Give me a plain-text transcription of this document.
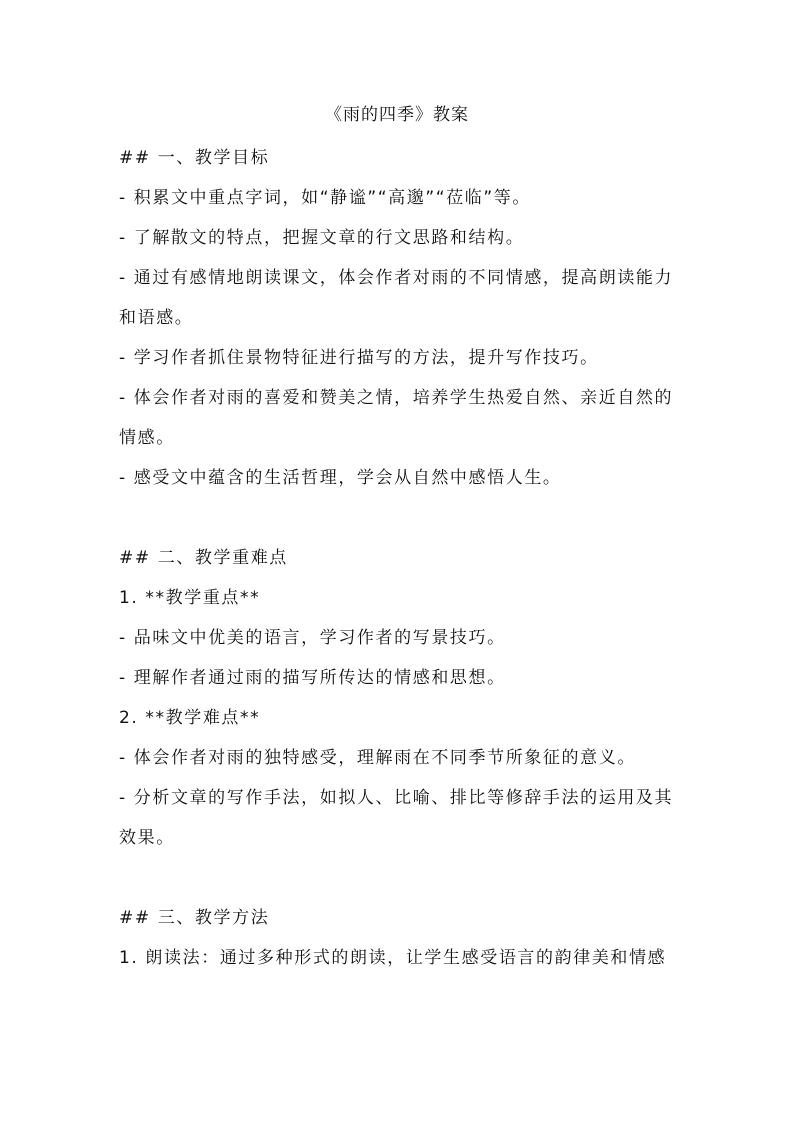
《雨的四季》教案
## 一、教学目标
- 积累文中重点字词，如“静谧”“高邈”“莅临”等。
- 了解散文的特点，把握文章的行文思路和结构。
- 通过有感情地朗读课文，体会作者对雨的不同情感，提高朗读能力
和语感。
- 学习作者抓住景物特征进行描写的方法，提升写作技巧。
- 体会作者对雨的喜爱和赞美之情，培养学生热爱自然、亲近自然的
情感。
- 感受文中蕴含的生活哲理，学会从自然中感悟人生。
## 二、教学重难点
1. **教学重点**
- 品味文中优美的语言，学习作者的写景技巧。
- 理解作者通过雨的描写所传达的情感和思想。
2. **教学难点**
- 体会作者对雨的独特感受，理解雨在不同季节所象征的意义。
- 分析文章的写作手法，如拟人、比喻、排比等修辞手法的运用及其
效果。
## 三、教学方法
1. 朗读法：通过多种形式的朗读，让学生感受语言的韵律美和情感
